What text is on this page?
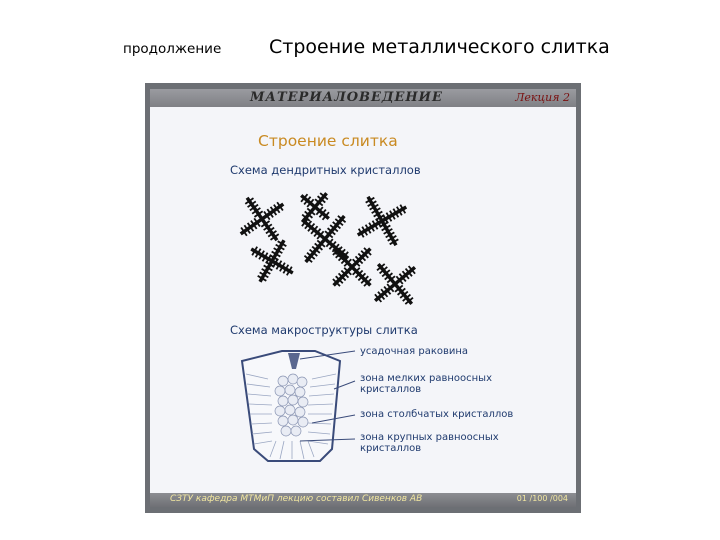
продолжение	Строение металлического слитка
МАТЕРИАЛОВЕДЕНИЕ	Лекция 2
Строение слитка
Схема дендритных кристаллов
Схема макроструктуры слитка
усадочная раковина
зона мелких равноосных
кристаллов
зона столбчатых кристаллов
зона крупных равноосных
кристаллов
СЗТУ кафедра МТМиП лекцию составил Сивенков АВ	01 /100 /004
